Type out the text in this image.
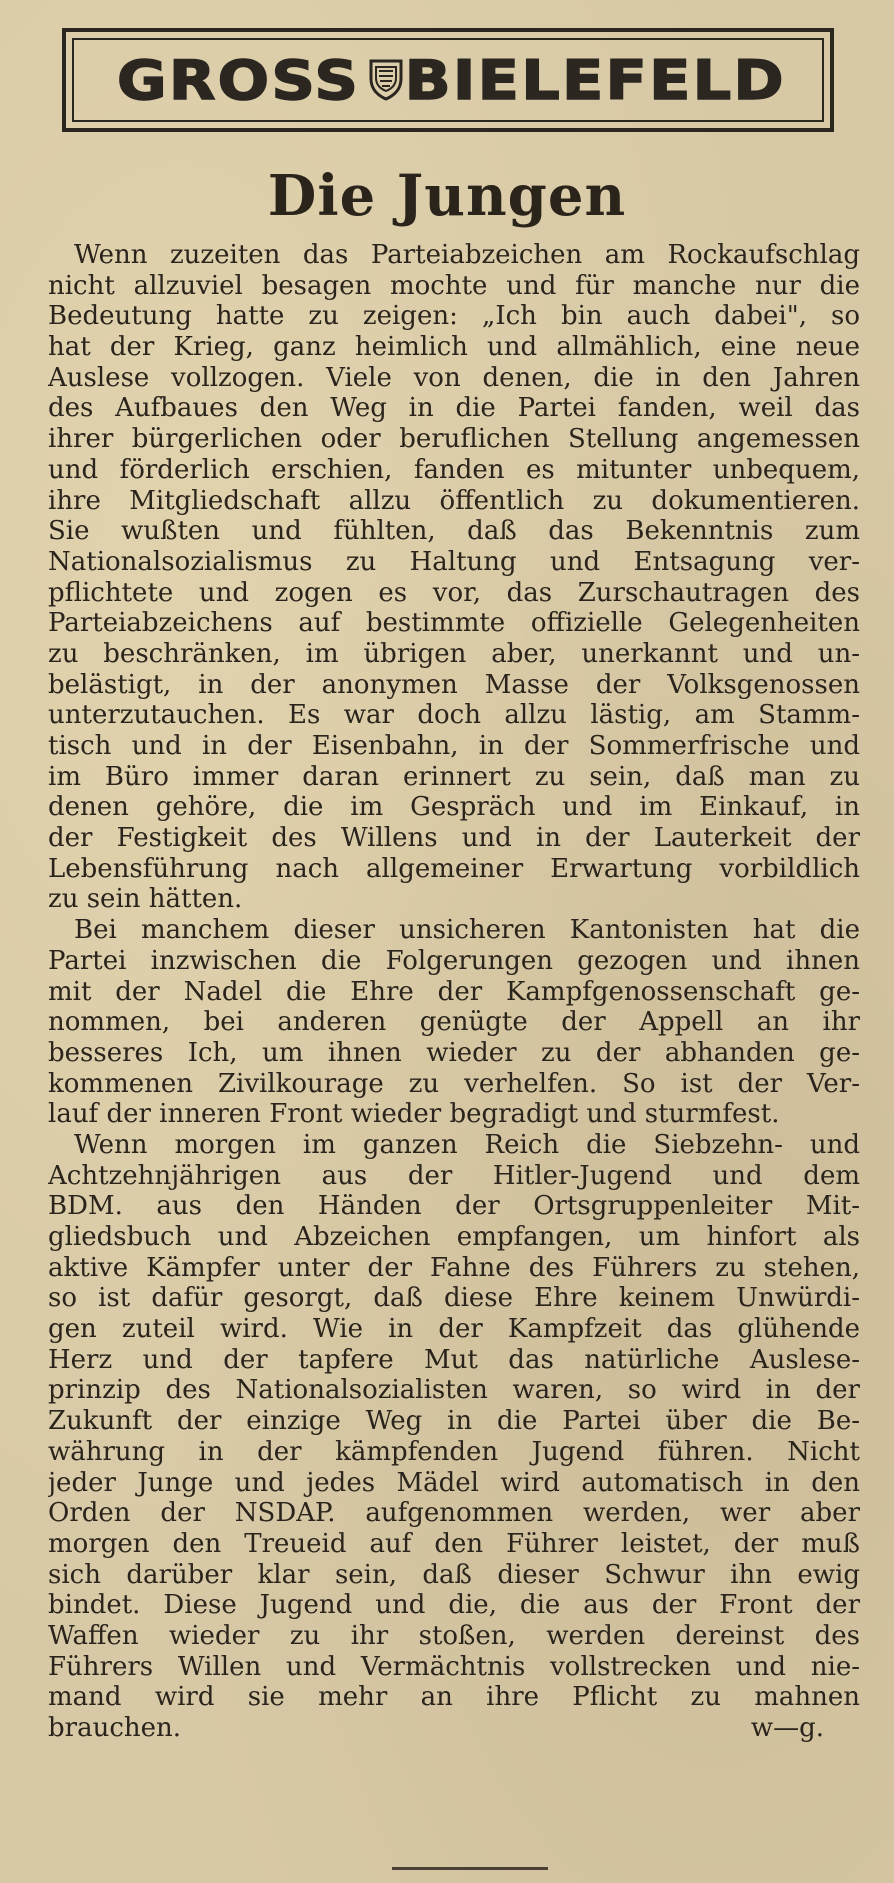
GROSS BIELEFELD
Die Jungen
Wenn zuzeiten das Parteiabzeichen am Rockaufschlag
nicht allzuviel besagen mochte und für manche nur die
Bedeutung hatte zu zeigen: „Ich bin auch dabei", so
hat der Krieg, ganz heimlich und allmählich, eine neue
Auslese vollzogen. Viele von denen, die in den Jahren
des Aufbaues den Weg in die Partei fanden, weil das
ihrer bürgerlichen oder beruflichen Stellung angemessen
und förderlich erschien, fanden es mitunter unbequem,
ihre Mitgliedschaft allzu öffentlich zu dokumentieren.
Sie wußten und fühlten, daß das Bekenntnis zum
Nationalsozialismus zu Haltung und Entsagung ver-
pflichtete und zogen es vor, das Zurschautragen des
Parteiabzeichens auf bestimmte offizielle Gelegenheiten
zu beschränken, im übrigen aber, unerkannt und un-
belästigt, in der anonymen Masse der Volksgenossen
unterzutauchen. Es war doch allzu lästig, am Stamm-
tisch und in der Eisenbahn, in der Sommerfrische und
im Büro immer daran erinnert zu sein, daß man zu
denen gehöre, die im Gespräch und im Einkauf, in
der Festigkeit des Willens und in der Lauterkeit der
Lebensführung nach allgemeiner Erwartung vorbildlich
zu sein hätten.
Bei manchem dieser unsicheren Kantonisten hat die
Partei inzwischen die Folgerungen gezogen und ihnen
mit der Nadel die Ehre der Kampfgenossenschaft ge-
nommen, bei anderen genügte der Appell an ihr
besseres Ich, um ihnen wieder zu der abhanden ge-
kommenen Zivilkourage zu verhelfen. So ist der Ver-
lauf der inneren Front wieder begradigt und sturmfest.
Wenn morgen im ganzen Reich die Siebzehn- und
Achtzehnjährigen aus der Hitler-Jugend und dem
BDM. aus den Händen der Ortsgruppenleiter Mit-
gliedsbuch und Abzeichen empfangen, um hinfort als
aktive Kämpfer unter der Fahne des Führers zu stehen,
so ist dafür gesorgt, daß diese Ehre keinem Unwürdi-
gen zuteil wird. Wie in der Kampfzeit das glühende
Herz und der tapfere Mut das natürliche Auslese-
prinzip des Nationalsozialisten waren, so wird in der
Zukunft der einzige Weg in die Partei über die Be-
währung in der kämpfenden Jugend führen. Nicht
jeder Junge und jedes Mädel wird automatisch in den
Orden der NSDAP. aufgenommen werden, wer aber
morgen den Treueid auf den Führer leistet, der muß
sich darüber klar sein, daß dieser Schwur ihn ewig
bindet. Diese Jugend und die, die aus der Front der
Waffen wieder zu ihr stoßen, werden dereinst des
Führers Willen und Vermächtnis vollstrecken und nie-
mand wird sie mehr an ihre Pflicht zu mahnen
brauchen.	w—g.
